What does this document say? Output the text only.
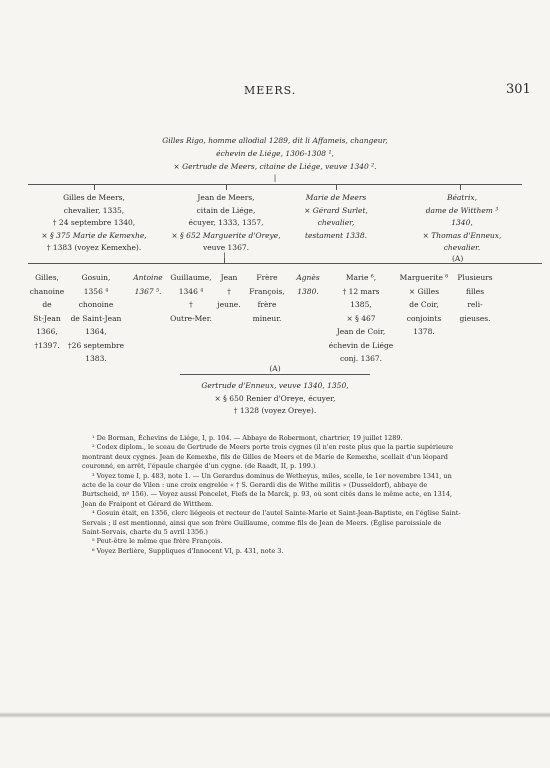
MEERS.	301
Gilles Rigo, homme allodial 1289, dit li Affameis, changeur,
échevin de Liége, 1306-1308 ¹,
× Gertrude de Meers, citaine de Liége, veuve 1340 ².
|
Gilles de Meers,
chevalier, 1335,
† 24 septembre 1340,
× § 375 Marie de Kemexhe,
† 1383 (voyez Kemexhe).
Jean de Meers,
citain de Liége,
écuyer, 1333, 1357,
× § 652 Marguerite d'Oreye,
veuve 1367.
Marie de Meers
× Gérard Surlet,
chevalier,
testament 1338.
Béatrix,
dame de Witthem ³
1340,
× Thomas d'Enneux,
chevalier.
(A)
|
Gilles,
chanoine
de
St-Jean
1366,
†1397.
Gosuin,
1356 ⁴
chonoine
de Saint-Jean
1364,
†26 septembre
1383.
Antoine
1367 ⁵.
Guillaume,
1346 ⁴
†
Outre-Mer.
Jean
†
jeune.
Frère
François,
frère
mineur.
Agnès
1380.
Marie ⁶,
† 12 mars
1385,
× § 467
Jean de Coir,
échevin de Liége
conj. 1367.
Marguerite ⁶
× Gilles
de Coir,
conjoints
1378.
Plusieurs
filles
reli-
gieuses.
(A)
Gertrude d'Enneux, veuve 1340, 1350,
× § 650 Renier d'Oreye, écuyer,
† 1328 (voyez Oreye).

¹ De Borman, Échevins de Liége, I, p. 104. — Abbaye de Robermont, chartrier, 19 juillet 1289.

² Codex diplom., le sceau de Gertrude de Meers porte trois cygnes (il n'en reste plus que la partie supérieure montrant deux cygnes. Jean de Kemexhe, fils de Gilles de Meers et de Marie de Kemexhe, scellait d'un léopard couronné, en arrêt, l'épaule chargée d'un cygne. (de Raadt, II, p. 199.)

³ Voyez tome I, p. 483, note 1. — Un Gerardus dominus de Wetheyus, miles, scelle, le 1er novembre 1341, un acte de la cour de Vilen : une croix engrelée « † S. Gerardi dis de Withe militis » (Dusseldorf), abbaye de Burtscheid, nº 156). — Voyez aussi Poncelet, Fiefs de la Marck, p. 93, où sont cités dans le même acte, en 1314, Jean de Fraipont et Gérard de Witthem.

⁴ Gosuin était, en 1356, clerc liégeois et recteur de l'autel Sainte-Marie et Saint-Jean-Baptiste, en l'église Saint-Servais ; il est mentionné, ainsi que son frère Guillaume, comme fils de Jean de Meers. (Église paroissiale de Saint-Servais, charte du 5 avril 1356.)

⁵ Peut-être le même que frère François.

⁶ Voyez Berlière, Suppliques d'Innocent VI, p. 431, note 3.
